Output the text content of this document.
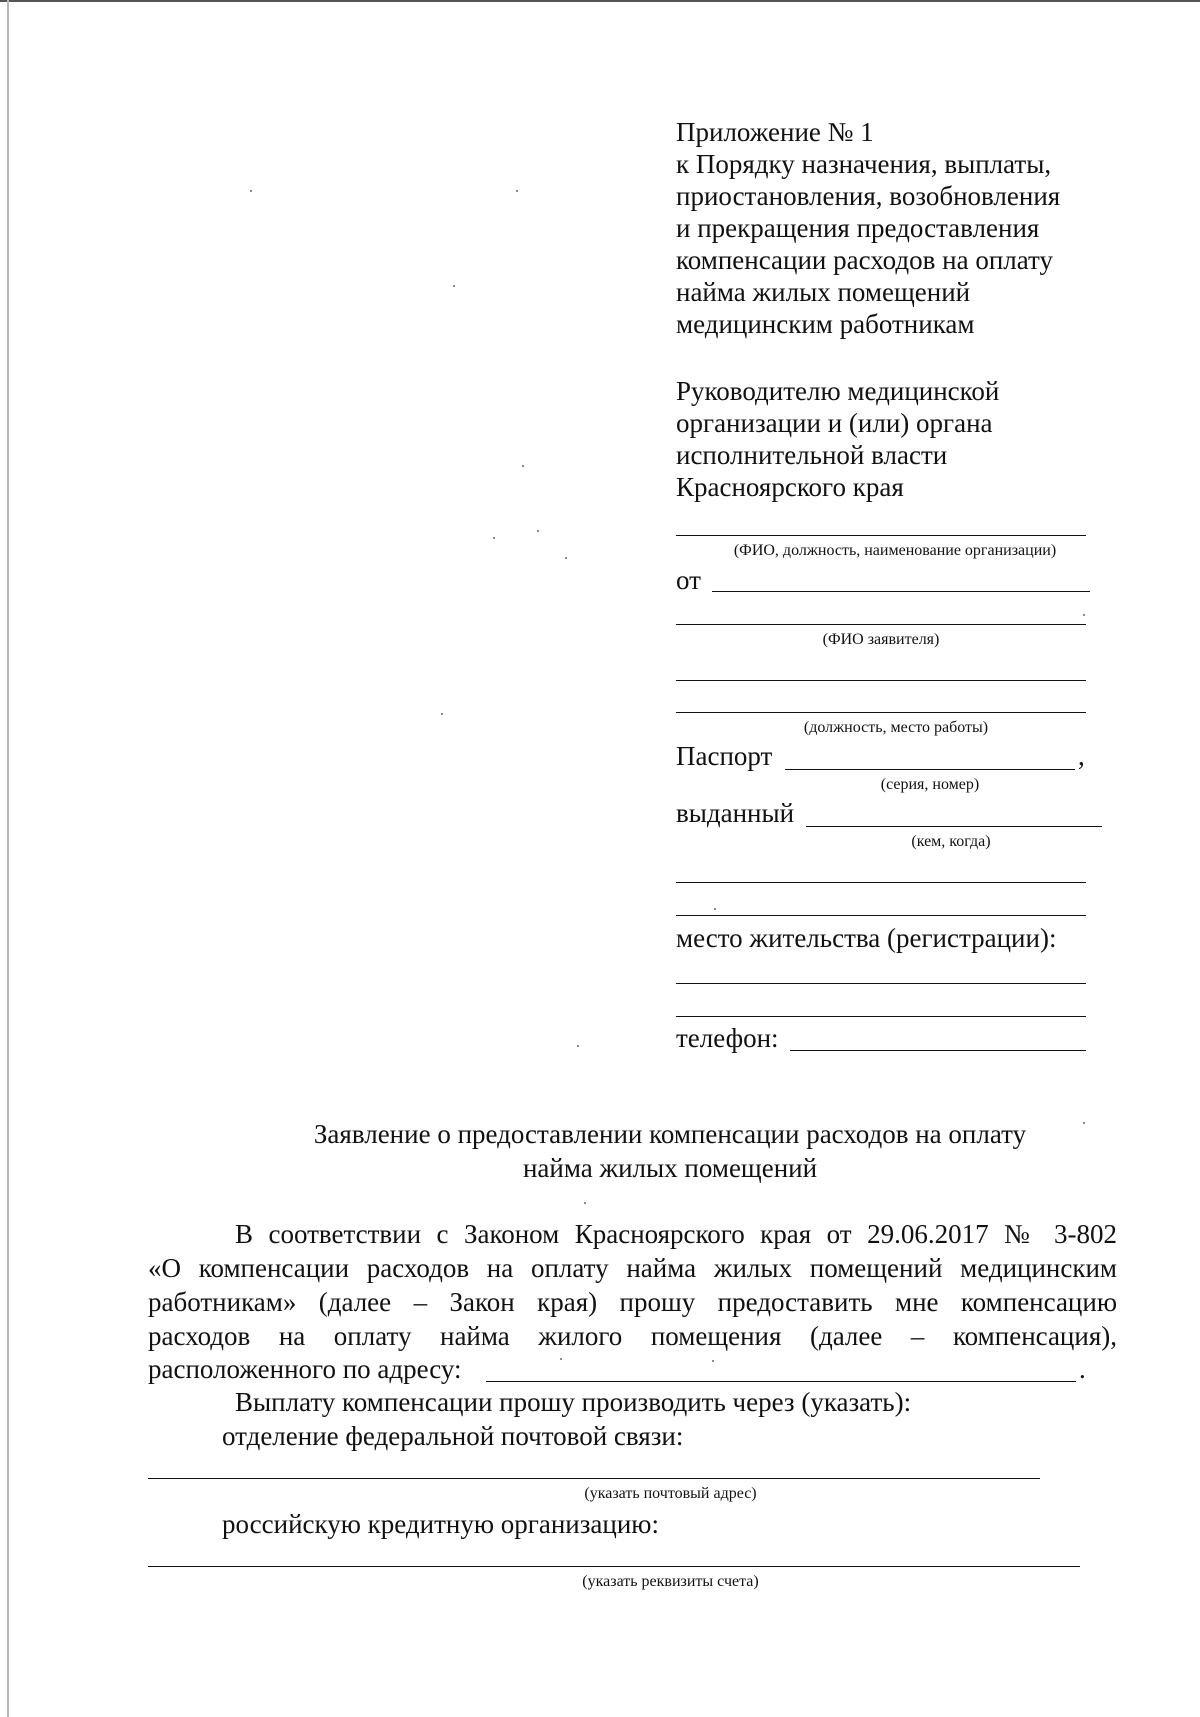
Приложение № 1

к Порядку назначения, выплаты,

приостановления, возобновления

и прекращения предоставления

компенсации расходов на оплату

найма жилых помещений

медицинским работникам

Руководителю медицинской

организации и (или) органа

исполнительной власти

Красноярского края

(ФИО, должность, наименование организации)
от
(ФИО заявителя)
(должность, место работы)
Паспорт	,
(серия, номер)
выданный
(кем, когда)
место жительства (регистрации):
телефон:
Заявление о предоставлении компенсации расходов на оплату
найма жилых помещений
В соответствии с Законом Красноярского края от 29.06.2017 № 3-802
«О компенсации расходов на оплату найма жилых помещений медицинским
работникам» (далее – Закон края) прошу предоставить мне компенсацию
расходов на оплату найма жилого помещения (далее – компенсация),
расположенного по адресу:	.
Выплату компенсации прошу производить через (указать):
отделение федеральной почтовой связи:
(указать почтовый адрес)
российскую кредитную организацию:
(указать реквизиты счета)
